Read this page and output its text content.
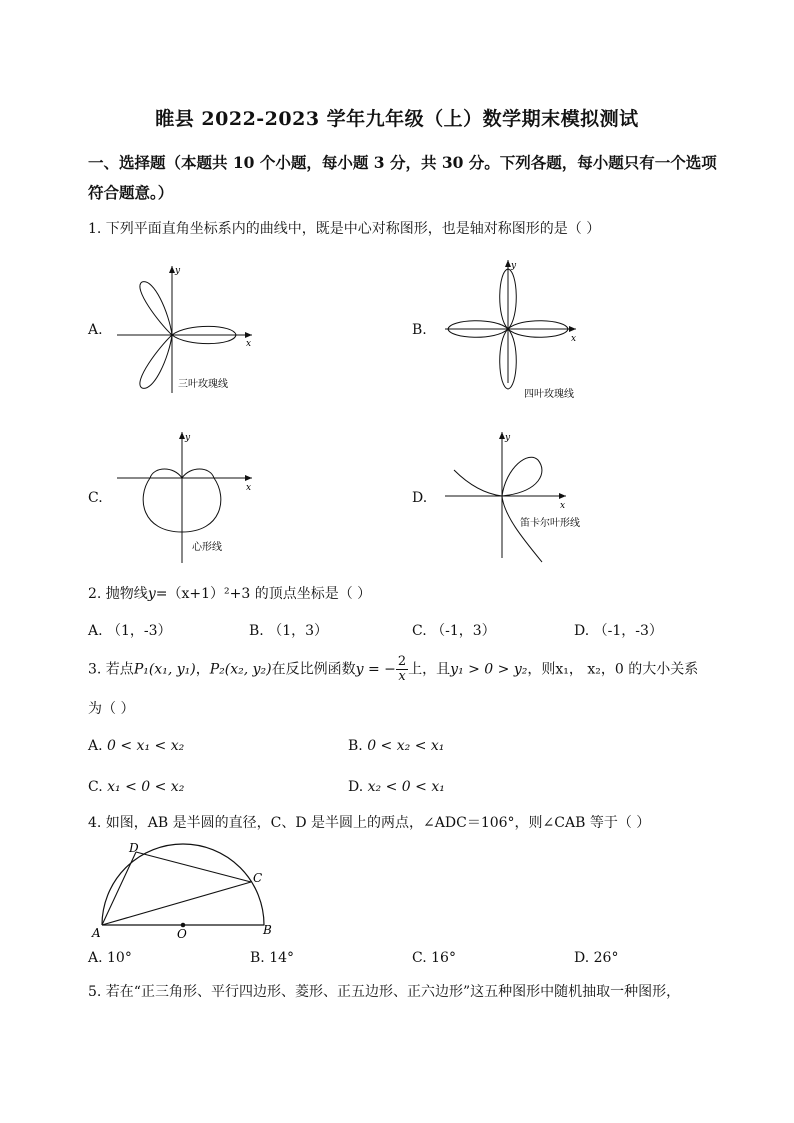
睢县 2022-2023 学年九年级（上）数学期末模拟测试
一、选择题（本题共 10 个小题，每小题 3 分，共 30 分。下列各题，每小题只有一个选项符合题意。）
1. 下列平面直角坐标系内的曲线中，既是中心对称图形，也是轴对称图形的是（ ）
A.
y
x
三叶玫瑰线
B.
y
x
四叶玫瑰线
C.
y
x
心形线
D.
y
x
笛卡尔叶形线
2. 抛物线y=（x+1）²+3 的顶点坐标是（ ）
A. （1，-3）	B. （1，3）	C. （-1，3）	D. （-1，-3）
3. 若点P₁(x₁, y₁)，P₂(x₂, y₂)在反比例函数y = − $\frac{2}{x}$ 上，且y₁ > 0 > y₂，则x₁， x₂，0 的大小关系
为（ ）
A. 0 < x₁ < x₂	B. 0 < x₂ < x₁
C. x₁ < 0 < x₂	D. x₂ < 0 < x₁
4. 如图，AB 是半圆的直径，C、D 是半圆上的两点，∠ADC＝106°，则∠CAB 等于（ ）
A	B
C
D
O
A. 10°	B. 14°	C. 16°	D. 26°
5. 若在“正三角形、平行四边形、菱形、正五边形、正六边形”这五种图形中随机抽取一种图形，
